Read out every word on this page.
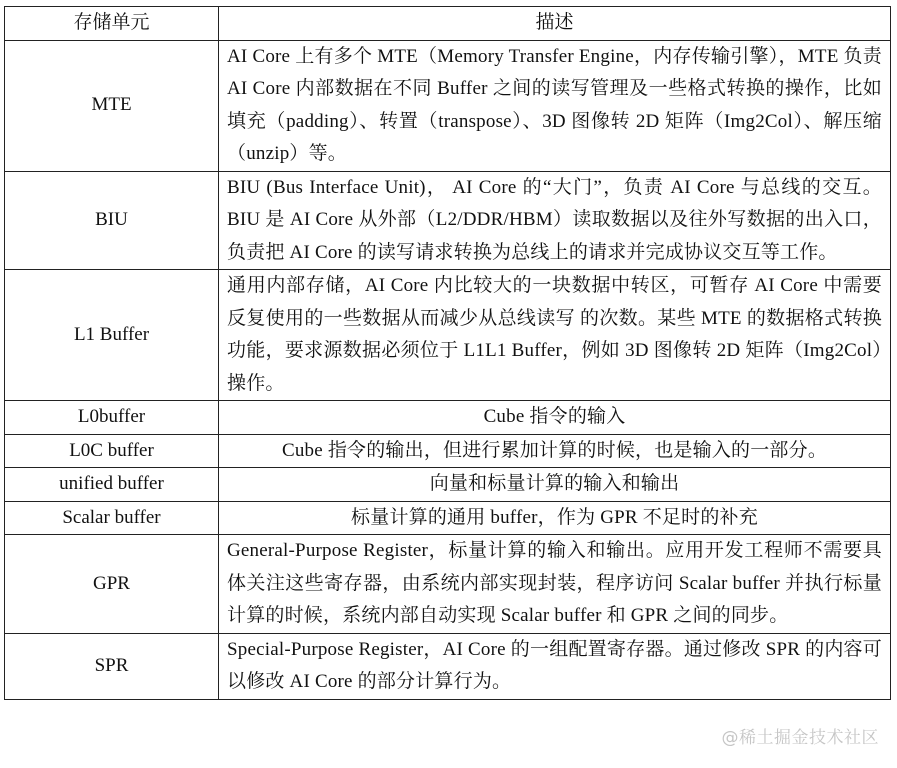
存储单元	描述
MTE	AI Core 上有多个 MTE（Memory Transfer Engine，内存传输引擎），MTE 负责 AI Core 内部数据在不同 Buffer 之间的读写管理及一些格式转换的操作，比如填充（padding）、转置（transpose）、3D 图像转 2D 矩阵（Img2Col）、解压缩（unzip）等。
BIU	BIU (Bus Interface Unit)， AI Core 的“大门”，负责 AI Core 与总线的交互。BIU 是 AI Core 从外部（L2/DDR/HBM）读取数据以及往外写数据的出入口，负责把 AI Core 的读写请求转换为总线上的请求并完成协议交互等工作。
L1 Buffer	通用内部存储，AI Core 内比较大的一块数据中转区，可暂存 AI Core 中需要反复使用的一些数据从而减少从总线读写 的次数。某些 MTE 的数据格式转换功能，要求源数据必须位于 L1L1 Buffer，例如 3D 图像转 2D 矩阵（Img2Col）操作。
L0buffer	Cube 指令的输入
L0C buffer	Cube 指令的输出，但进行累加计算的时候，也是输入的一部分。
unified buffer	向量和标量计算的输入和输出
Scalar buffer	标量计算的通用 buffer，作为 GPR 不足时的补充
GPR	General-Purpose Register，标量计算的输入和输出。应用开发工程师不需要具体关注这些寄存器，由系统内部实现封装，程序访问 Scalar buffer 并执行标量计算的时候，系统内部自动实现 Scalar buffer 和 GPR 之间的同步。
SPR	Special-Purpose Register，AI Core 的一组配置寄存器。通过修改 SPR 的内容可以修改 AI Core 的部分计算行为。
@稀土掘金技术社区
